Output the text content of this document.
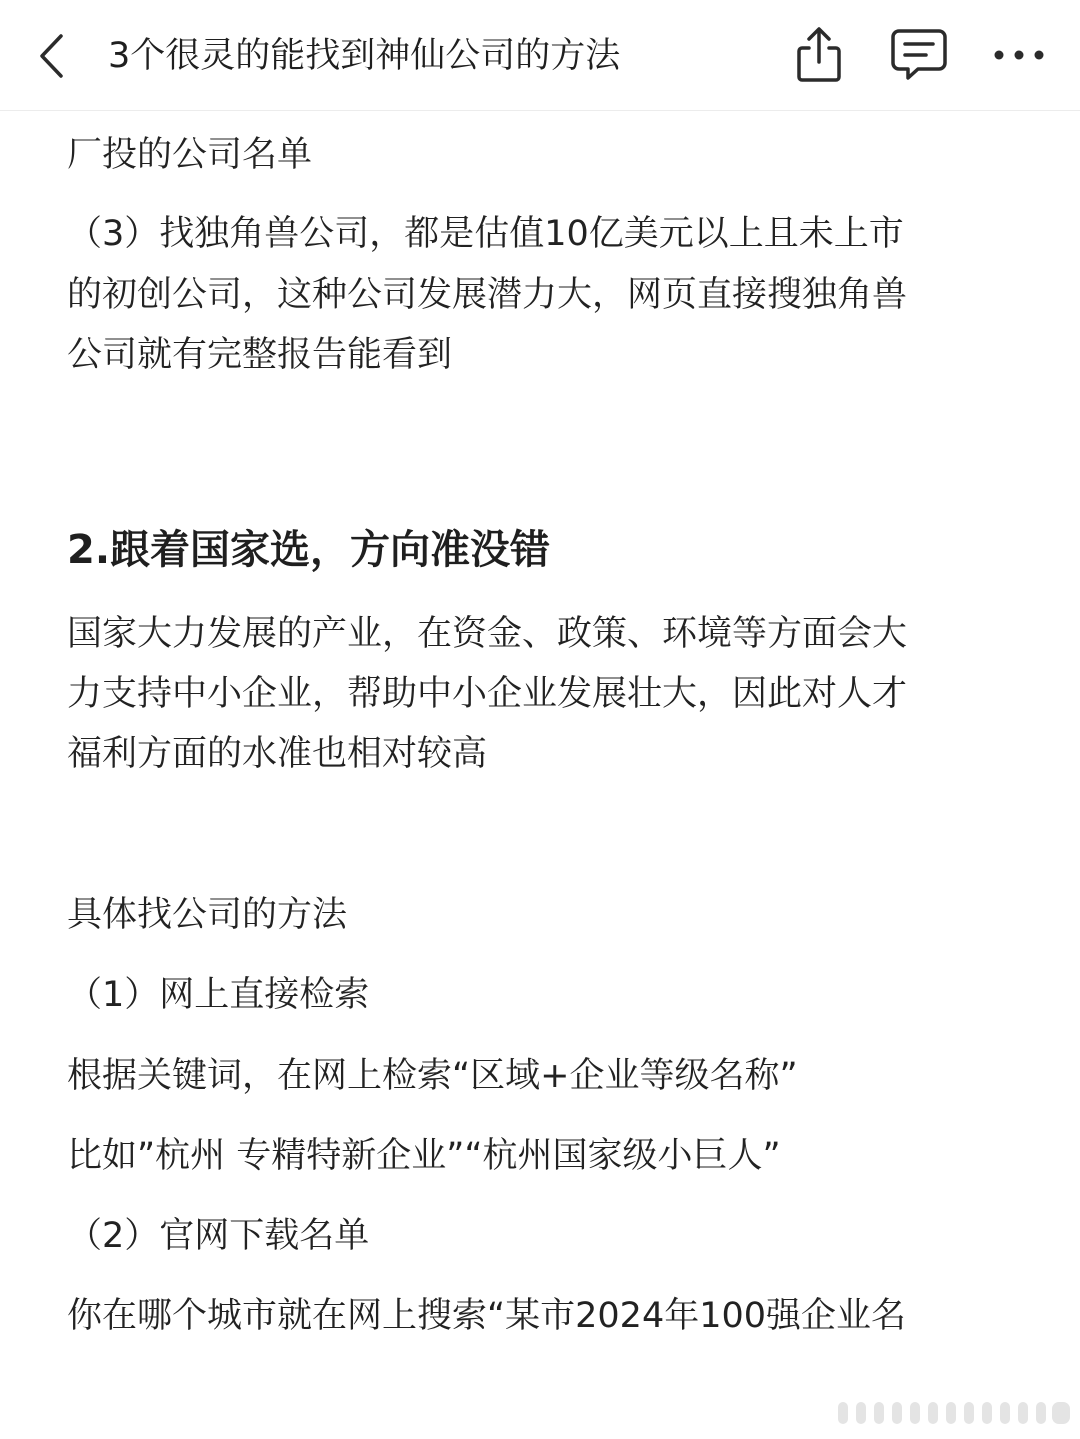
3个很灵的能找到神仙公司的方法
厂投的公司名单
（3）找独角兽公司，都是估值10亿美元以上且未上市
的初创公司，这种公司发展潜力大，网页直接搜独角兽
公司就有完整报告能看到
2.跟着国家选，方向准没错
国家大力发展的产业，在资金、政策、环境等方面会大
力支持中小企业，帮助中小企业发展壮大，因此对人才
福利方面的水准也相对较高
具体找公司的方法
（1）网上直接检索
根据关键词，在网上检索“区域+企业等级名称”
比如”杭州 专精特新企业”“杭州国家级小巨人”
（2）官网下载名单
你在哪个城市就在网上搜索“某市2024年100强企业名
